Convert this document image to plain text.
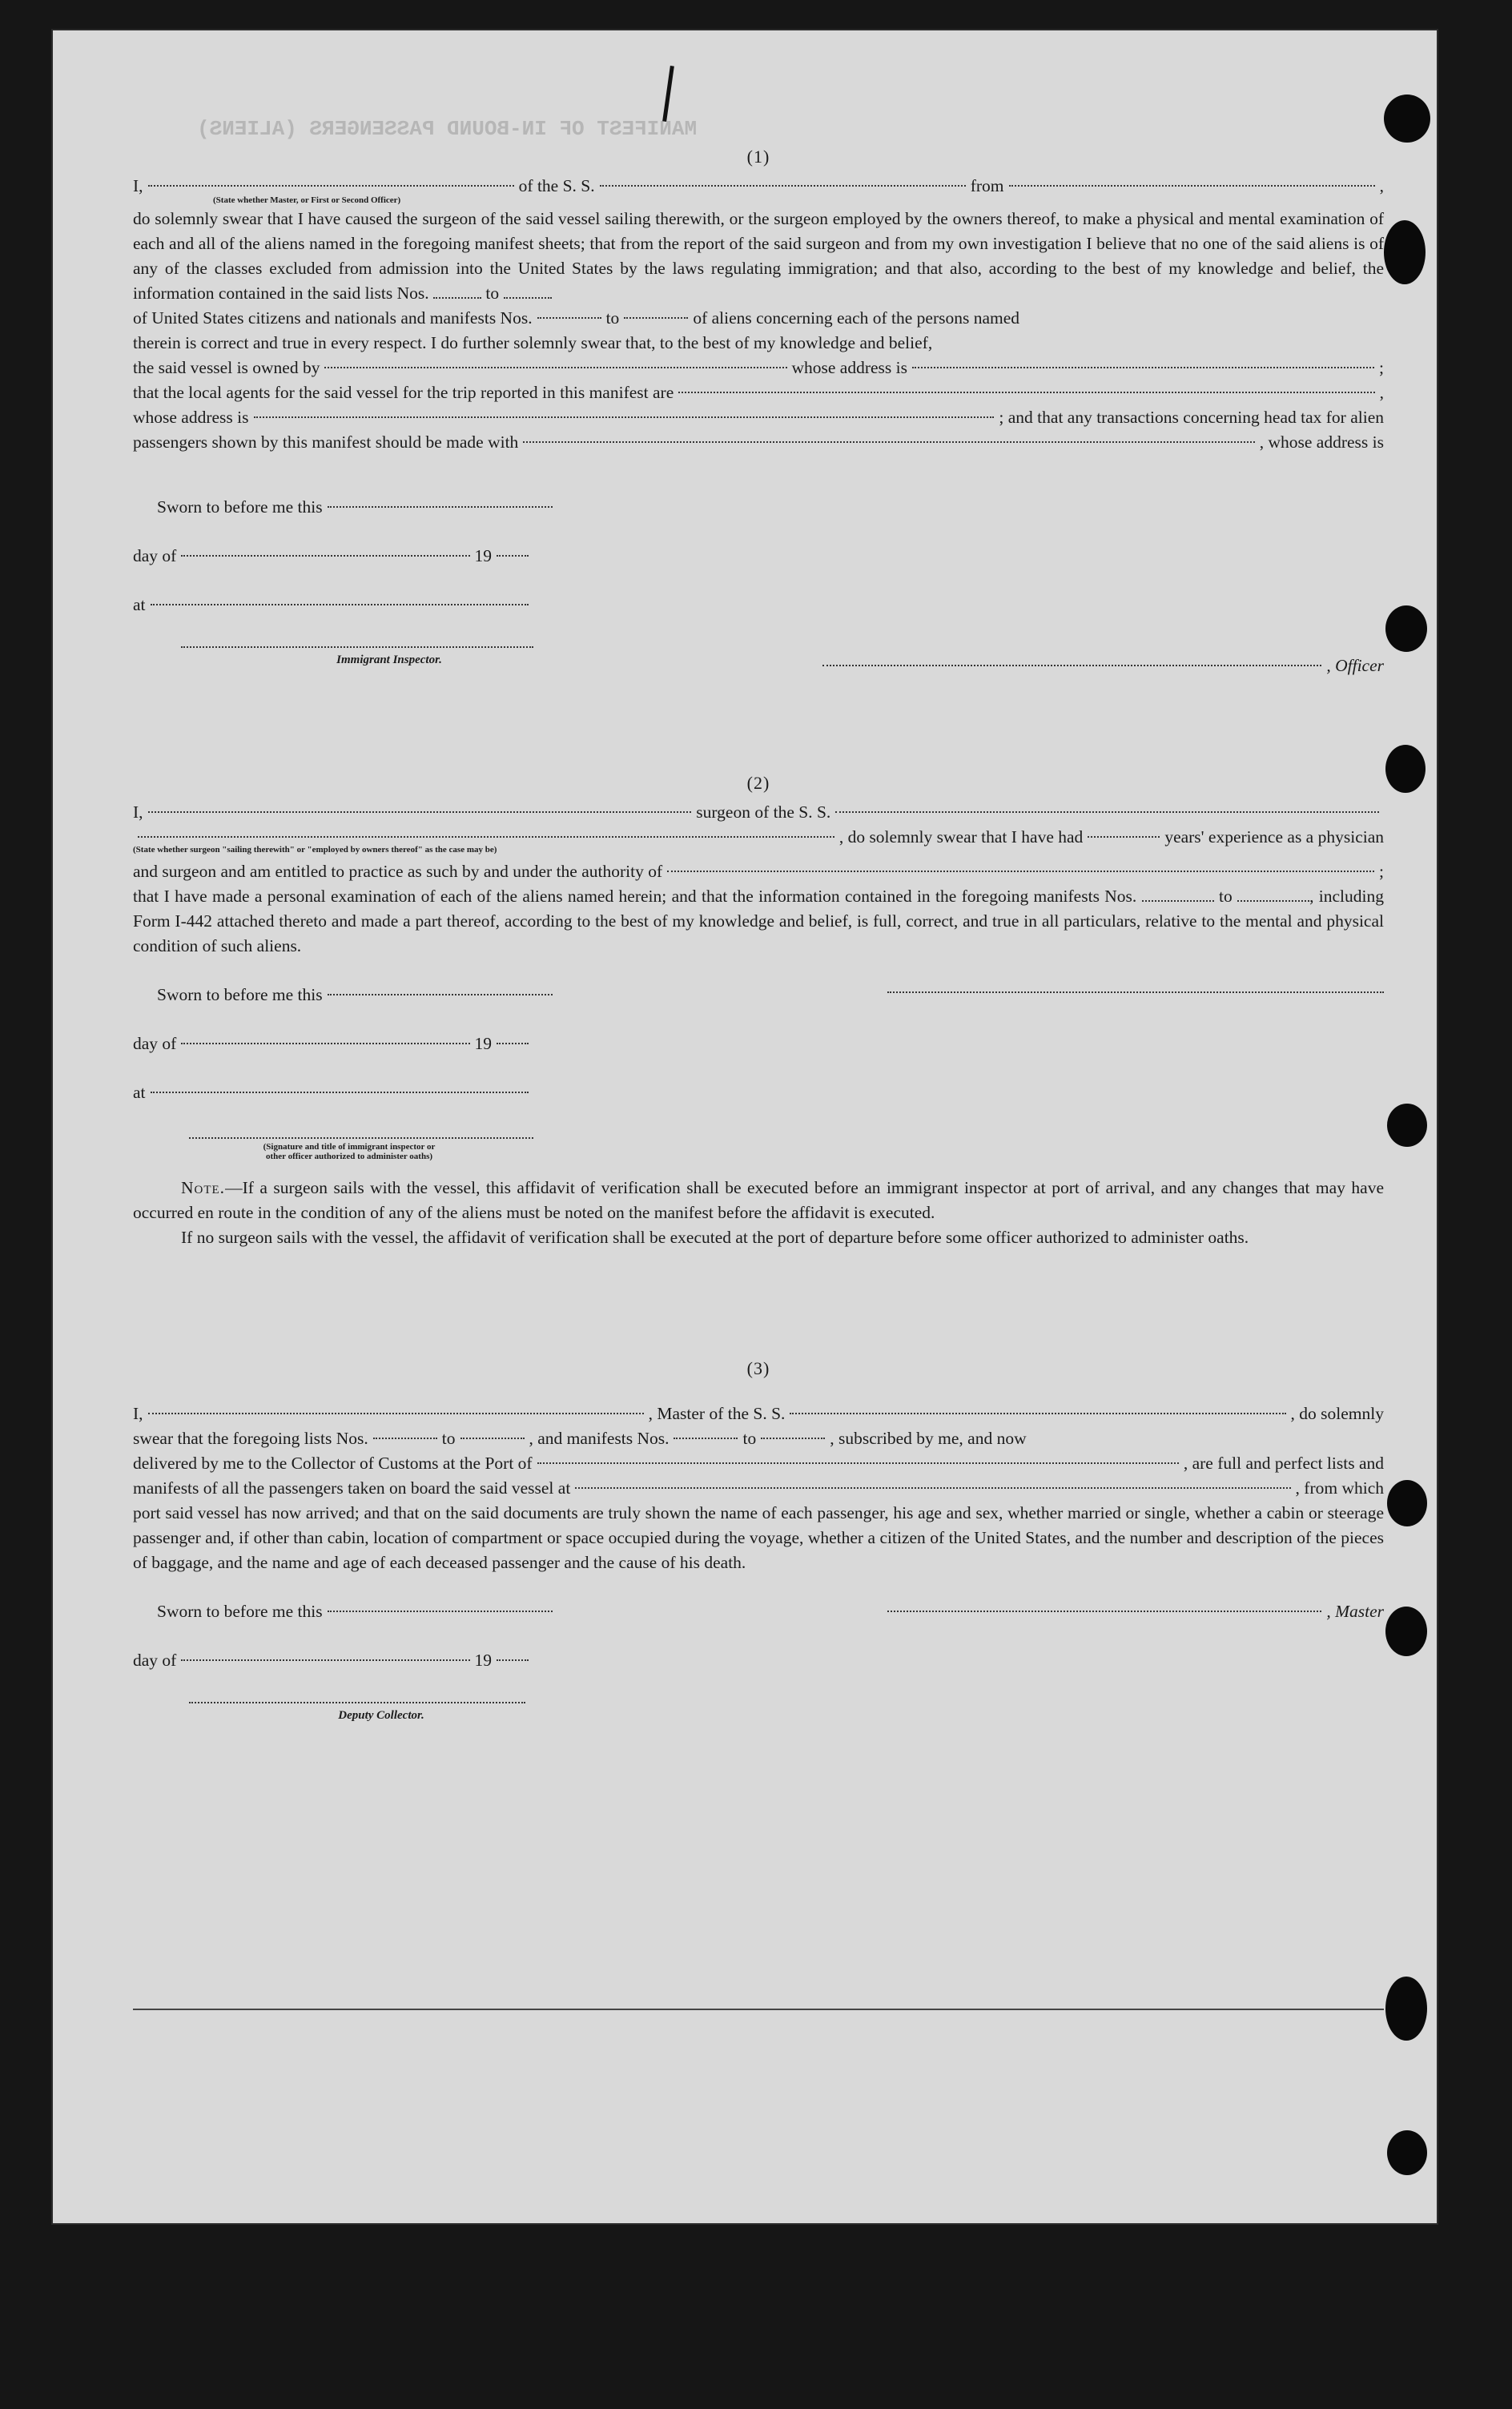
MANIFEST OF IN-BOUND PASSENGERS (ALIENS)
(1)
I,	of the S. S.	from	,
(State whether Master, or First or Second Officer)
do solemnly swear that I have caused the surgeon of the said vessel sailing therewith, or the surgeon employed by the owners thereof, to make a physical and mental examination of each and all of the aliens named in the foregoing manifest sheets; that from the report of the said surgeon and from my own investigation I believe that no one of the said aliens is of any of the classes excluded from admission into the United States by the laws regulating immigration; and that also, according to the best of my knowledge and belief, the information contained in the said lists Nos.	to
of United States citizens and nationals and manifests Nos.	to	of aliens concerning each of the persons named
therein is correct and true in every respect. I do further solemnly swear that, to the best of my knowledge and belief,
the said vessel is owned by	whose address is	;
that the local agents for the said vessel for the trip reported in this manifest are	,
whose address is	; and that any transactions concerning head tax for alien
passengers shown by this manifest should be made with	, whose address is
Sworn to before me this
day of	19
, Officer
at
Immigrant Inspector.
(2)
I,	surgeon of the S. S.
, do solemnly swear that I have had	years' experience as a physician
(State whether surgeon "sailing therewith" or "employed by owners thereof" as the case may be)
and surgeon and am entitled to practice as such by and under the authority of	;
that I have made a personal examination of each of the aliens named herein; and that the information contained in the foregoing manifests Nos.	to	, including Form I-442 attached thereto and made a part thereof, according to the best of my knowledge and belief, is full, correct, and true in all particulars, relative to the mental and physical condition of such aliens.
Sworn to before me this
day of	19
at
(Signature and title of immigrant inspector or other officer authorized to administer oaths)
Note.—If a surgeon sails with the vessel, this affidavit of verification shall be executed before an immigrant inspector at port of arrival, and any changes that may have occurred en route in the condition of any of the aliens must be noted on the manifest before the affidavit is executed.
If no surgeon sails with the vessel, the affidavit of verification shall be executed at the port of departure before some officer authorized to administer oaths.
(3)
I,	, Master of the S. S.	, do solemnly
swear that the foregoing lists Nos.	to	, and manifests Nos.	to	, subscribed by me, and now
delivered by me to the Collector of Customs at the Port of	, are full and perfect lists and
manifests of all the passengers taken on board the said vessel at	, from which
port said vessel has now arrived; and that on the said documents are truly shown the name of each passenger, his age and sex, whether married or single, whether a cabin or steerage passenger and, if other than cabin, location of compartment or space occupied during the voyage, whether a citizen of the United States, and the number and description of the pieces of baggage, and the name and age of each deceased passenger and the cause of his death.
Sworn to before me this	, Master
day of	19
Deputy Collector.
